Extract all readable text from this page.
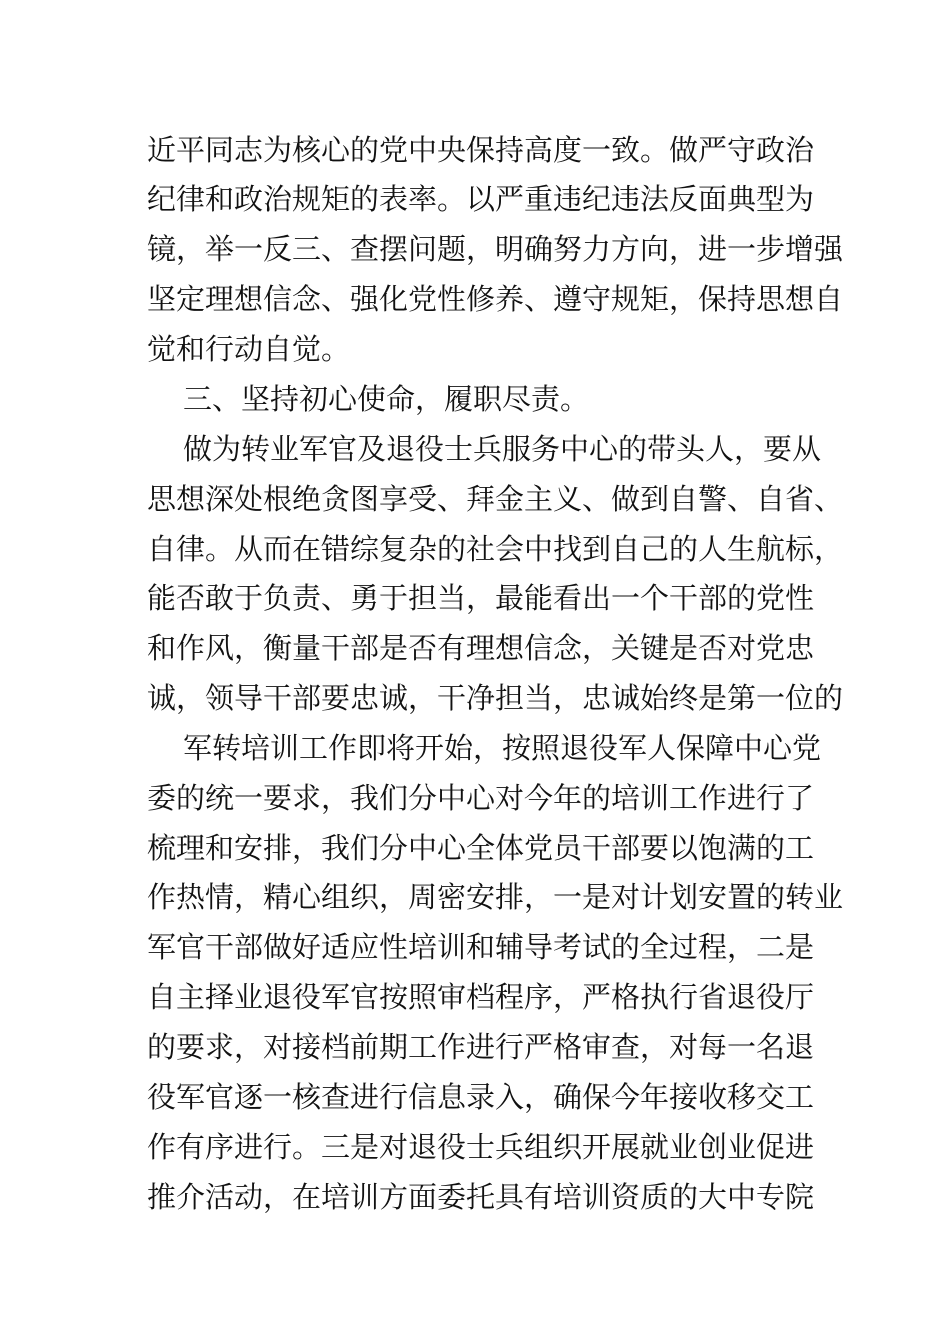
近平同志为核心的党中央保持高度一致。做严守政治
纪律和政治规矩的表率。以严重违纪违法反面典型为
镜，举一反三、查摆问题，明确努力方向，进一步增强
坚定理想信念、强化党性修养、遵守规矩，保持思想自
觉和行动自觉。
三、坚持初心使命，履职尽责。
做为转业军官及退役士兵服务中心的带头人，要从
思想深处根绝贪图享受、拜金主义、做到自警、自省、
自律。从而在错综复杂的社会中找到自己的人生航标，
能否敢于负责、勇于担当，最能看出一个干部的党性
和作风，衡量干部是否有理想信念，关键是否对党忠
诚，领导干部要忠诚，干净担当，忠诚始终是第一位的
军转培训工作即将开始，按照退役军人保障中心党
委的统一要求，我们分中心对今年的培训工作进行了
梳理和安排，我们分中心全体党员干部要以饱满的工
作热情，精心组织，周密安排，一是对计划安置的转业
军官干部做好适应性培训和辅导考试的全过程，二是
自主择业退役军官按照审档程序，严格执行省退役厅
的要求，对接档前期工作进行严格审查，对每一名退
役军官逐一核查进行信息录入，确保今年接收移交工
作有序进行。三是对退役士兵组织开展就业创业促进
推介活动，在培训方面委托具有培训资质的大中专院
